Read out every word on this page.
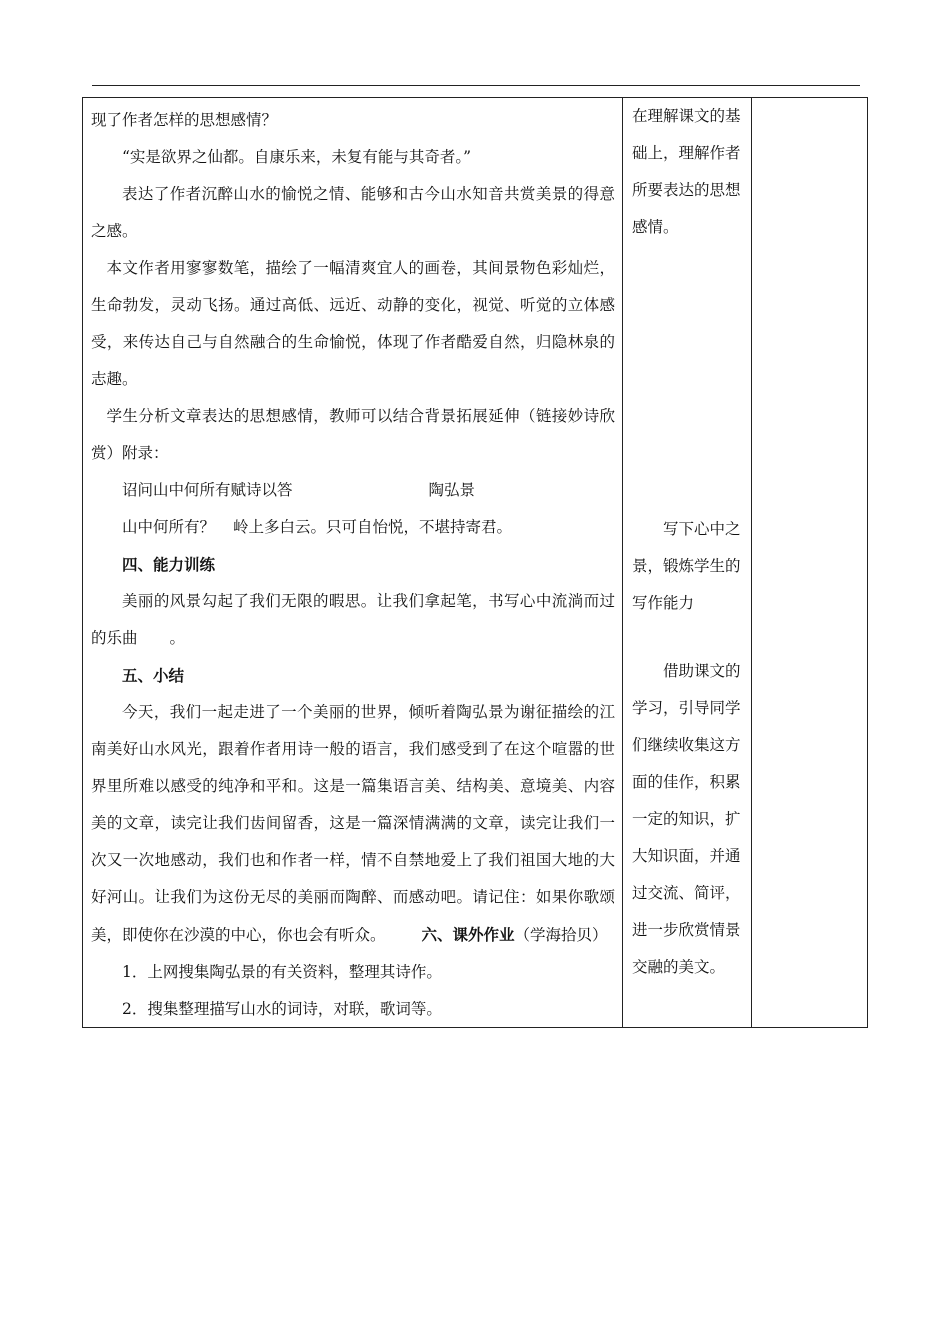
现了作者怎样的思想感情？

“实是欲界之仙都。自康乐来，未复有能与其奇者。”

表达了作者沉醉山水的愉悦之情、能够和古今山水知音共赏美景的得意之感。

本文作者用寥寥数笔，描绘了一幅清爽宜人的画卷，其间景物色彩灿烂，生命勃发，灵动飞扬。通过高低、远近、动静的变化，视觉、听觉的立体感受，来传达自己与自然融合的生命愉悦，体现了作者酷爱自然，归隐林泉的志趣。

学生分析文章表达的思想感情，教师可以结合背景拓展延伸（链接妙诗欣赏）附录：

诏问山中何所有赋诗以答	陶弘景

山中何所有？ 岭上多白云。只可自怡悦，不堪持寄君。

四、能力训练

美丽的风景勾起了我们无限的暇思。让我们拿起笔，书写心中流淌而过的乐曲 。

五、小结

今天，我们一起走进了一个美丽的世界，倾听着陶弘景为谢征描绘的江南美好山水风光，跟着作者用诗一般的语言，我们感受到了在这个喧嚣的世界里所难以感受的纯净和平和。这是一篇集语言美、结构美、意境美、内容美的文章，读完让我们齿间留香，这是一篇深情满满的文章，读完让我们一次又一次地感动，我们也和作者一样，情不自禁地爱上了我们祖国大地的大好河山。让我们为这份无尽的美丽而陶醉、而感动吧。请记住：如果你歌颂美，即使你在沙漠的中心，你也会有听众。 六、课外作业（学海拾贝）

1．上网搜集陶弘景的有关资料，整理其诗作。

2．搜集整理描写山水的词诗，对联，歌词等。

在理解课文的基础上，理解作者所要表达的思想感情。

写下心中之景，锻炼学生的写作能力

借助课文的学习，引导同学们继续收集这方面的佳作，积累一定的知识，扩大知识面，并通过交流、简评，进一步欣赏情景交融的美文。
